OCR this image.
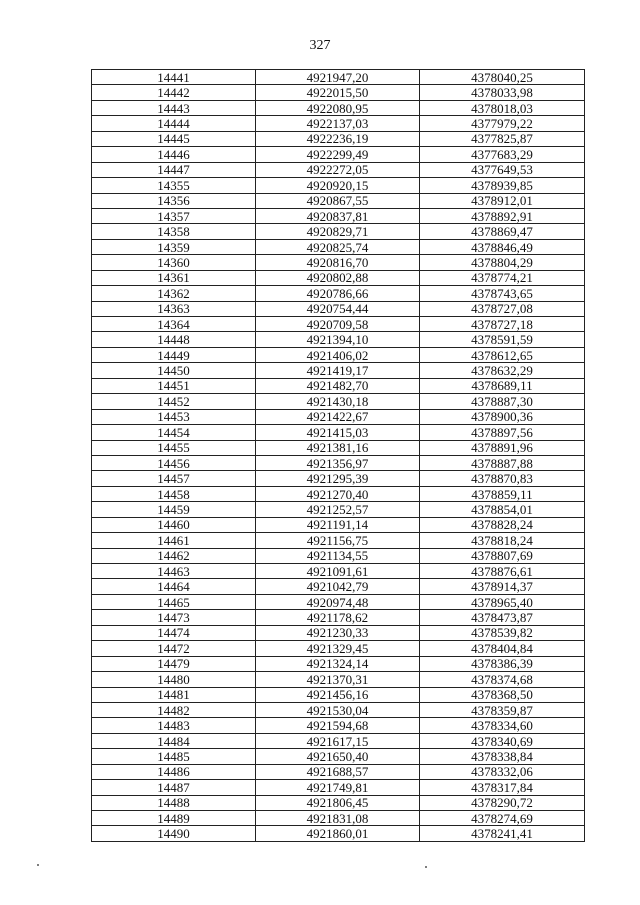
327
14441	4921947,20	4378040,25
14442	4922015,50	4378033,98
14443	4922080,95	4378018,03
14444	4922137,03	4377979,22
14445	4922236,19	4377825,87
14446	4922299,49	4377683,29
14447	4922272,05	4377649,53
14355	4920920,15	4378939,85
14356	4920867,55	4378912,01
14357	4920837,81	4378892,91
14358	4920829,71	4378869,47
14359	4920825,74	4378846,49
14360	4920816,70	4378804,29
14361	4920802,88	4378774,21
14362	4920786,66	4378743,65
14363	4920754,44	4378727,08
14364	4920709,58	4378727,18
14448	4921394,10	4378591,59
14449	4921406,02	4378612,65
14450	4921419,17	4378632,29
14451	4921482,70	4378689,11
14452	4921430,18	4378887,30
14453	4921422,67	4378900,36
14454	4921415,03	4378897,56
14455	4921381,16	4378891,96
14456	4921356,97	4378887,88
14457	4921295,39	4378870,83
14458	4921270,40	4378859,11
14459	4921252,57	4378854,01
14460	4921191,14	4378828,24
14461	4921156,75	4378818,24
14462	4921134,55	4378807,69
14463	4921091,61	4378876,61
14464	4921042,79	4378914,37
14465	4920974,48	4378965,40
14473	4921178,62	4378473,87
14474	4921230,33	4378539,82
14472	4921329,45	4378404,84
14479	4921324,14	4378386,39
14480	4921370,31	4378374,68
14481	4921456,16	4378368,50
14482	4921530,04	4378359,87
14483	4921594,68	4378334,60
14484	4921617,15	4378340,69
14485	4921650,40	4378338,84
14486	4921688,57	4378332,06
14487	4921749,81	4378317,84
14488	4921806,45	4378290,72
14489	4921831,08	4378274,69
14490	4921860,01	4378241,41
